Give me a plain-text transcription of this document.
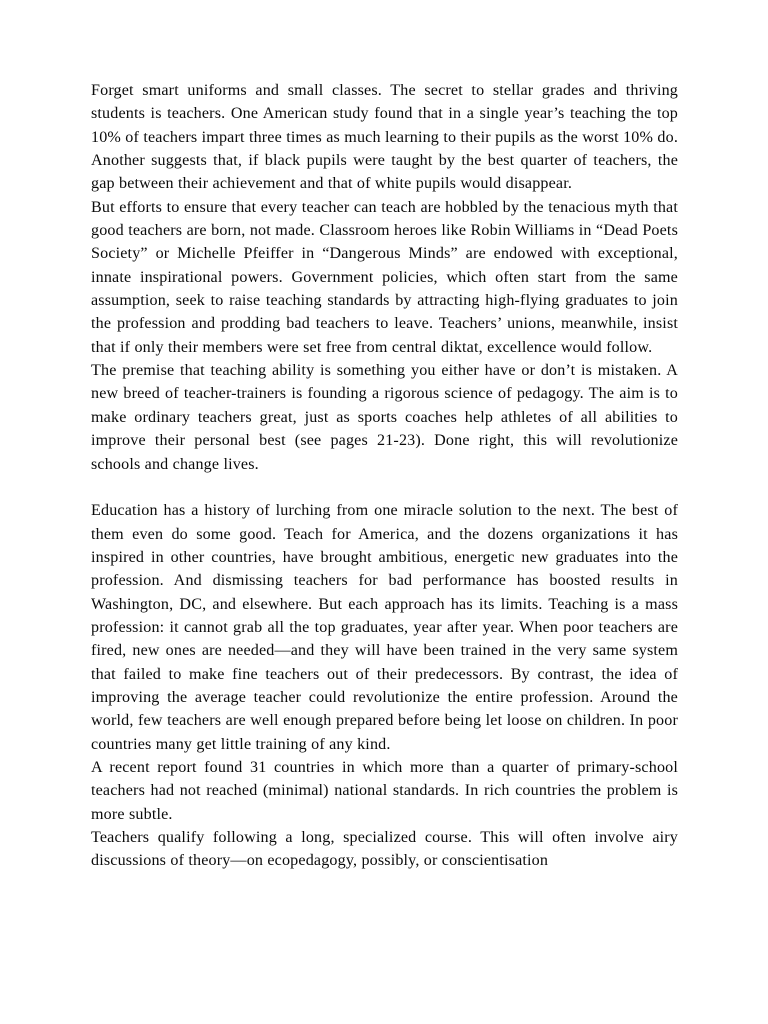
Forget smart uniforms and small classes. The secret to stellar grades and thriving students is teachers. One American study found that in a single year’s teaching the top 10% of teachers impart three times as much learning to their pupils as the worst 10% do. Another suggests that, if black pupils were taught by the best quarter of teachers, the gap between their achievement and that of white pupils would disappear.

But efforts to ensure that every teacher can teach are hobbled by the tenacious myth that good teachers are born, not made. Classroom heroes like Robin Williams in “Dead Poets Society” or Michelle Pfeiffer in “Dangerous Minds” are endowed with exceptional, innate inspirational powers. Government policies, which often start from the same assumption, seek to raise teaching standards by attracting high-flying graduates to join the profession and prodding bad teachers to leave. Teachers’ unions, meanwhile, insist that if only their members were set free from central diktat, excellence would follow.

The premise that teaching ability is something you either have or don’t is mistaken. A new breed of teacher-trainers is founding a rigorous science of pedagogy. The aim is to make ordinary teachers great, just as sports coaches help athletes of all abilities to improve their personal best (see pages 21-23). Done right, this will revolutionize schools and change lives.

Education has a history of lurching from one miracle solution to the next. The best of them even do some good. Teach for America, and the dozens organizations it has inspired in other countries, have brought ambitious, energetic new graduates into the profession. And dismissing teachers for bad performance has boosted results in Washington, DC, and elsewhere. But each approach has its limits. Teaching is a mass profession: it cannot grab all the top graduates, year after year. When poor teachers are fired, new ones are needed—and they will have been trained in the very same system that failed to make fine teachers out of their predecessors. By contrast, the idea of improving the average teacher could revolutionize the entire profession. Around the world, few teachers are well enough prepared before being let loose on children. In poor countries many get little training of any kind.

A recent report found 31 countries in which more than a quarter of primary-school teachers had not reached (minimal) national standards. In rich countries the problem is more subtle.

Teachers qualify following a long, specialized course. This will often involve airy discussions of theory—on ecopedagogy, possibly, or conscientisation
